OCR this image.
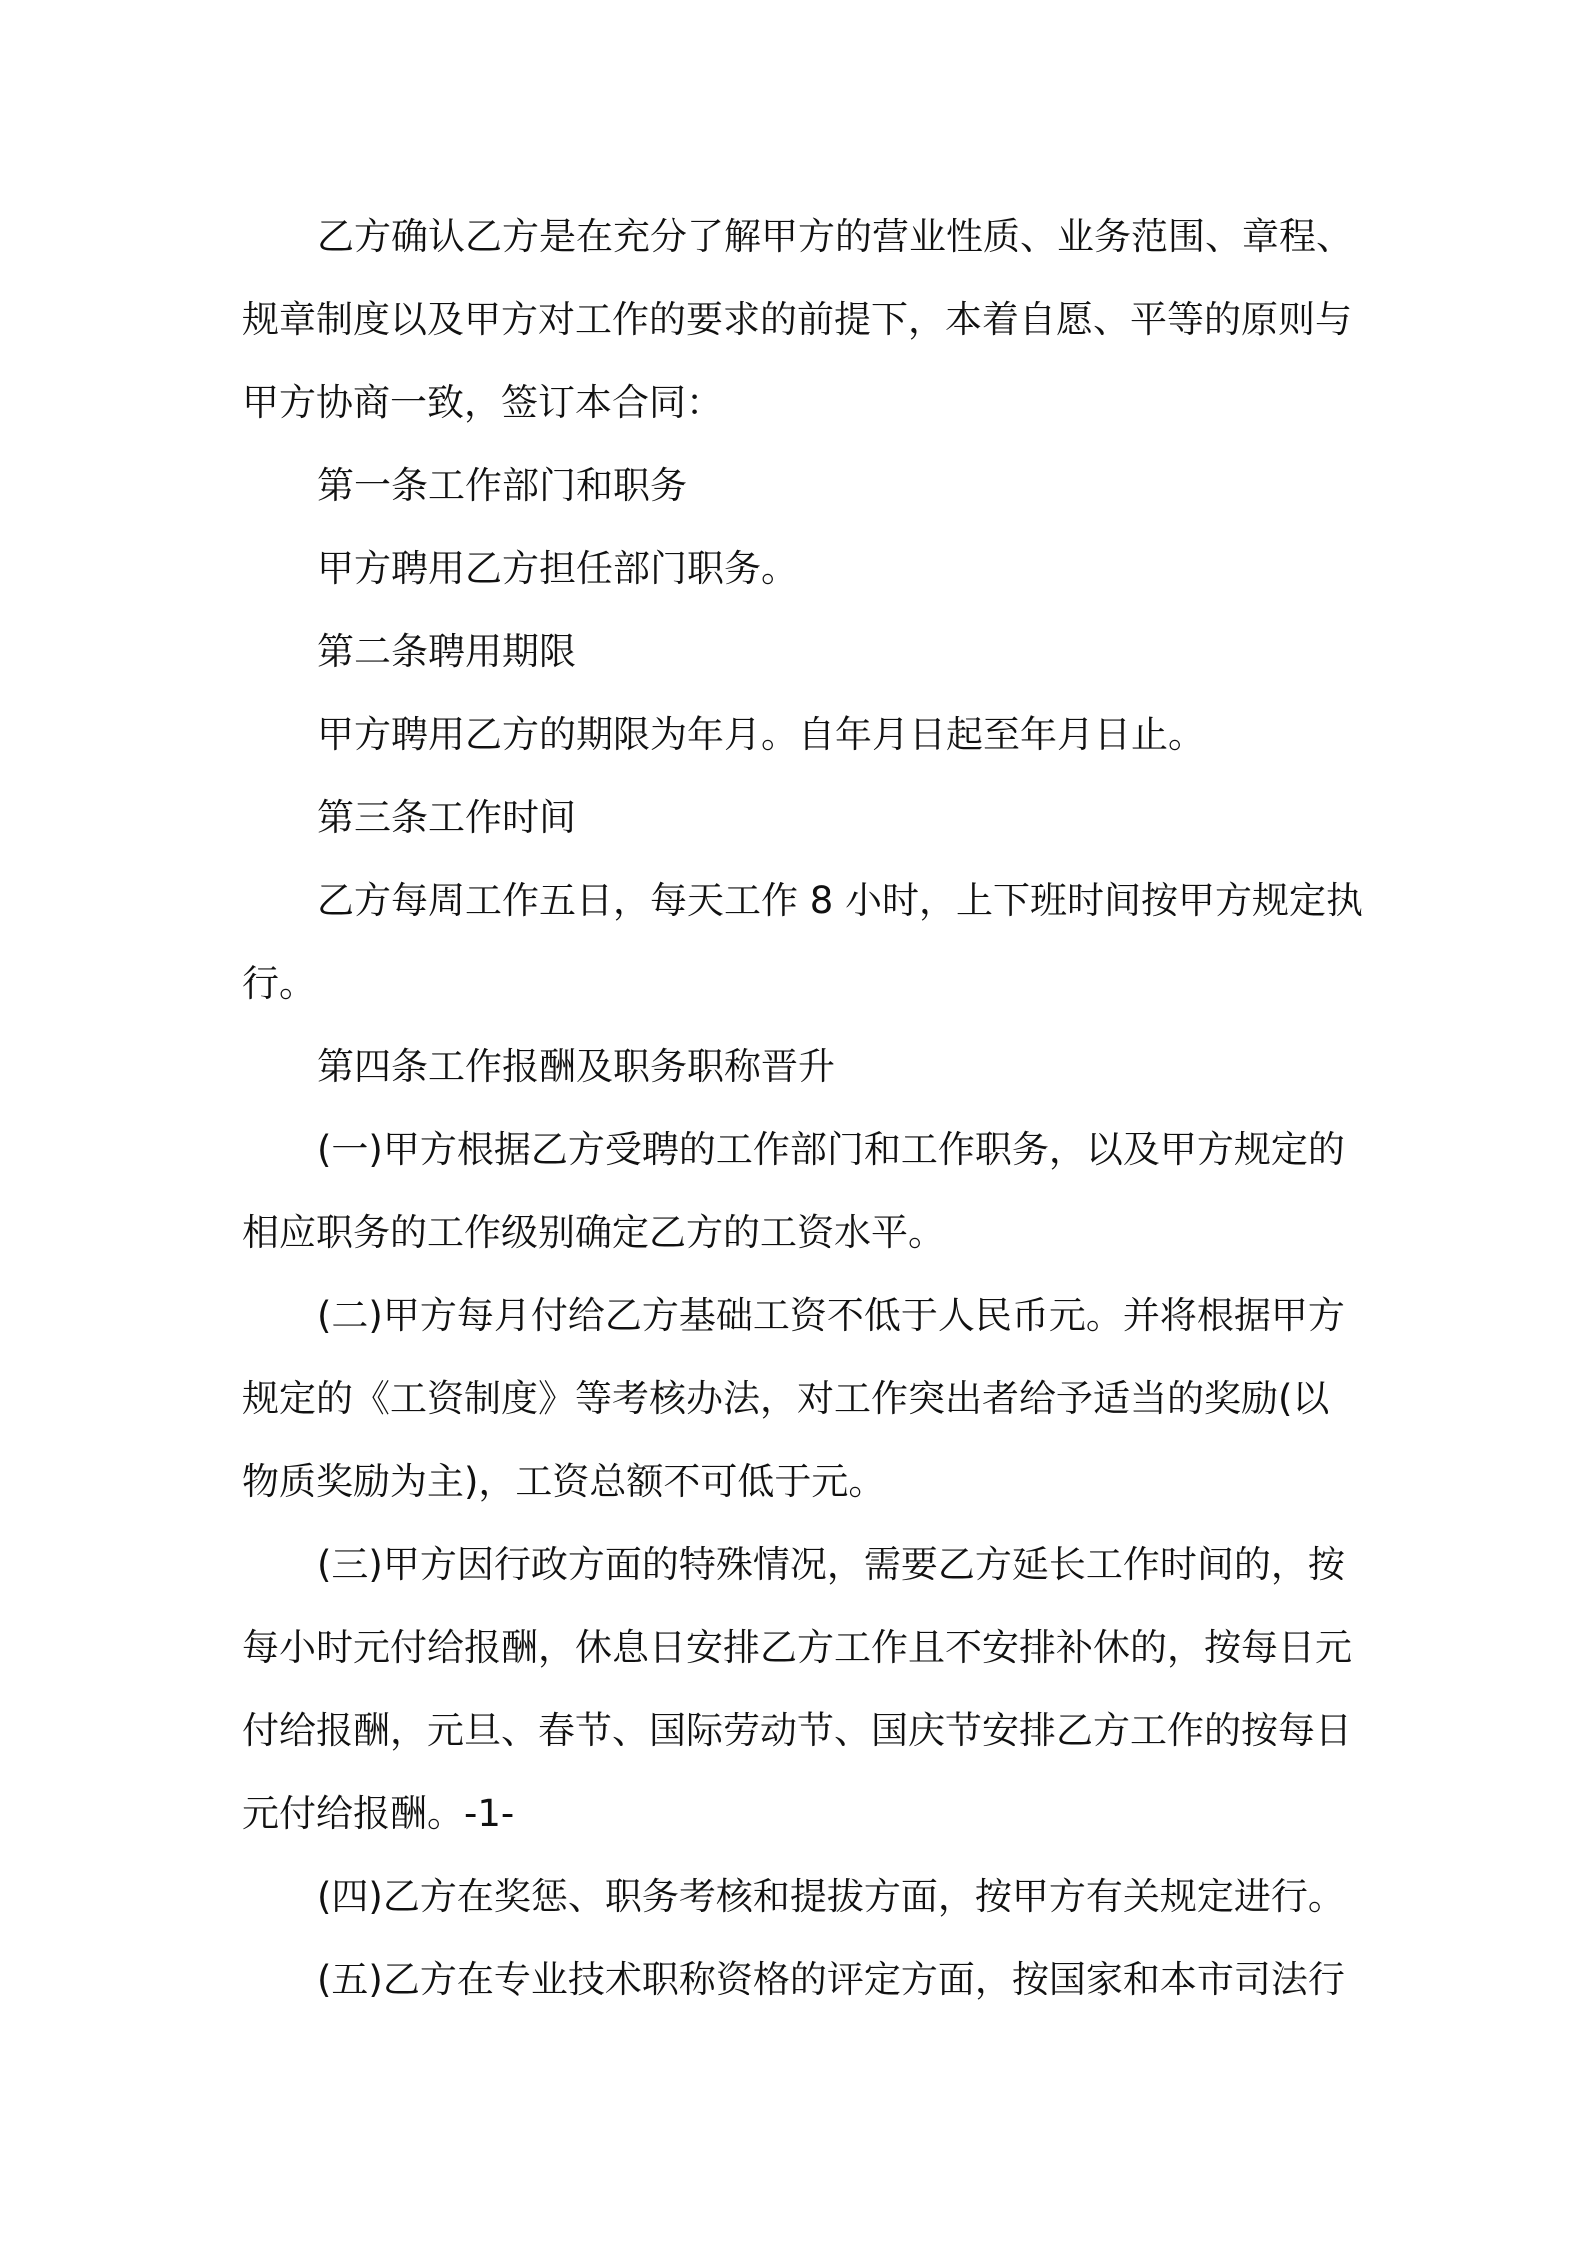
乙方确认乙方是在充分了解甲方的营业性质、业务范围、章程、

规章制度以及甲方对工作的要求的前提下，本着自愿、平等的原则与

甲方协商一致，签订本合同：

第一条工作部门和职务

甲方聘用乙方担任部门职务。

第二条聘用期限

甲方聘用乙方的期限为年月。自年月日起至年月日止。

第三条工作时间

乙方每周工作五日，每天工作 8 小时，上下班时间按甲方规定执

行。

第四条工作报酬及职务职称晋升

(一)甲方根据乙方受聘的工作部门和工作职务，以及甲方规定的

相应职务的工作级别确定乙方的工资水平。

(二)甲方每月付给乙方基础工资不低于人民币元。并将根据甲方

规定的《工资制度》等考核办法，对工作突出者给予适当的奖励(以

物质奖励为主)，工资总额不可低于元。

(三)甲方因行政方面的特殊情况，需要乙方延长工作时间的，按

每小时元付给报酬，休息日安排乙方工作且不安排补休的，按每日元

付给报酬，元旦、春节、国际劳动节、国庆节安排乙方工作的按每日

元付给报酬。-1-

(四)乙方在奖惩、职务考核和提拔方面，按甲方有关规定进行。

(五)乙方在专业技术职称资格的评定方面，按国家和本市司法行
